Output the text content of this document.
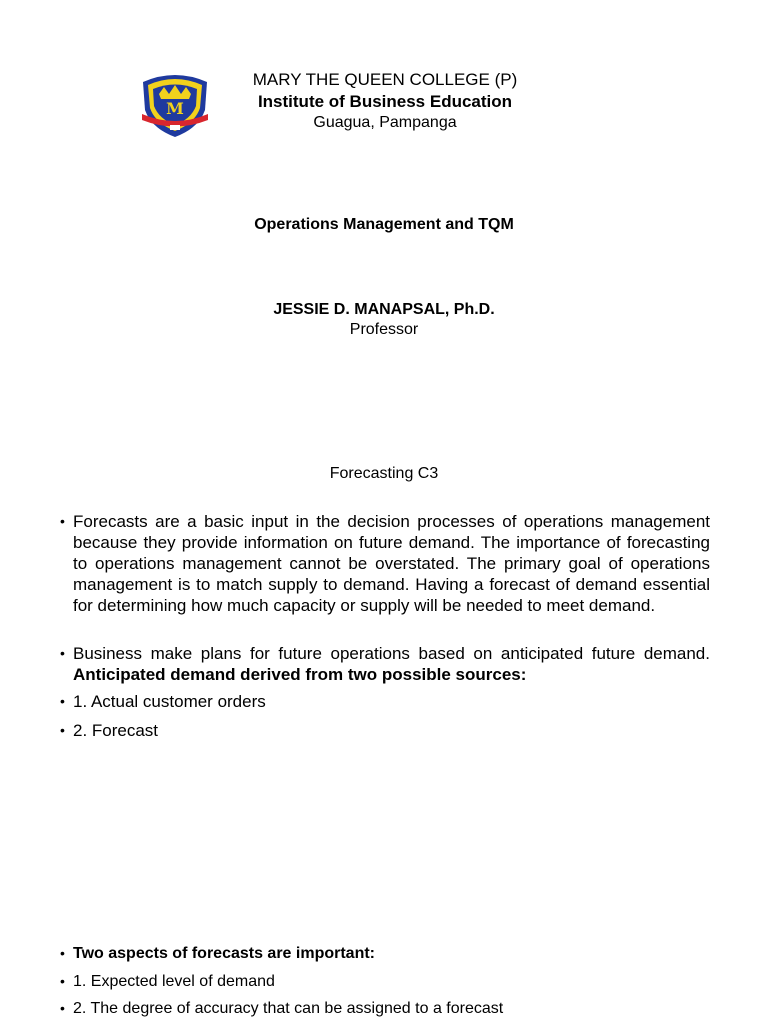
M
MARY THE QUEEN COLLEGE (P)
Institute of Business Education
Guagua, Pampanga
Operations Management and TQM
JESSIE D. MANAPSAL, Ph.D.
Professor
Forecasting C3

• Forecasts are a basic input in the decision processes of operations management because they provide information on future demand. The importance of forecasting to operations management cannot be overstated. The primary goal of operations management is to match supply to demand. Having a forecast of demand essential for determining how much capacity or supply will be needed to meet demand.

• Business make plans for future operations based on anticipated future demand. Anticipated demand derived from two possible sources:

• 1. Actual customer orders

• 2. Forecast

• Two aspects of forecasts are important:

• 1. Expected level of demand

• 2. The degree of accuracy that can be assigned to a forecast
